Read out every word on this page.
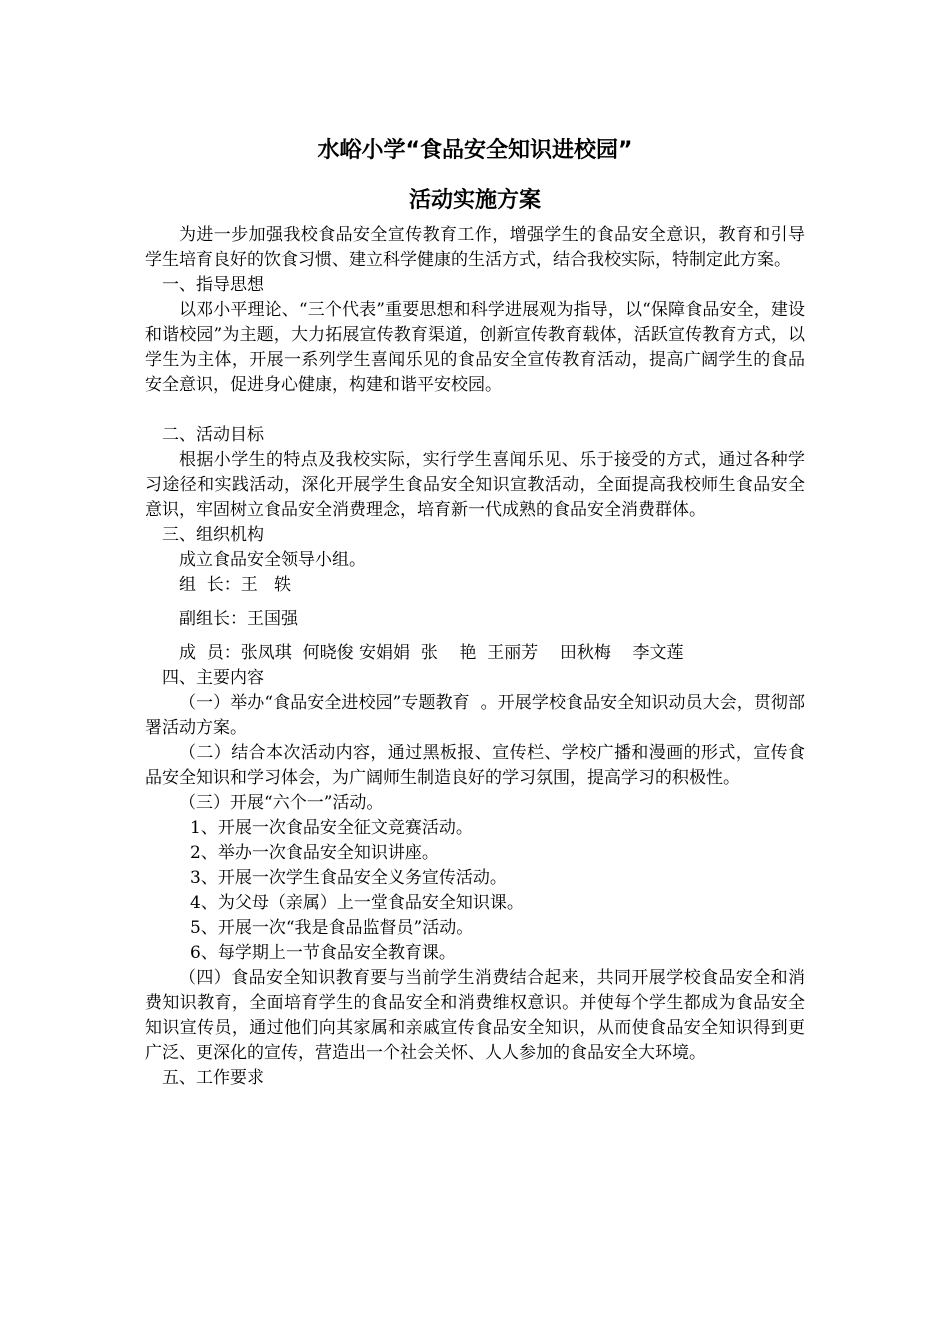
水峪小学“食品安全知识进校园”
活动实施方案

为进一步加强我校食品安全宣传教育工作，增强学生的食品安全意识，教育和引导学生培育良好的饮食习惯、建立科学健康的生活方式，结合我校实际，特制定此方案。

一、指导思想

以邓小平理论、“三个代表”重要思想和科学进展观为指导，以“保障食品安全，建设和谐校园”为主题，大力拓展宣传教育渠道，创新宣传教育载体，活跃宣传教育方式，以学生为主体，开展一系列学生喜闻乐见的食品安全宣传教育活动，提高广阔学生的食品安全意识，促进身心健康，构建和谐平安校园。

二、活动目标

根据小学生的特点及我校实际，实行学生喜闻乐见、乐于接受的方式，通过各种学习途径和实践活动，深化开展学生食品安全知识宣教活动，全面提高我校师生食品安全意识，牢固树立食品安全消费理念，培育新一代成熟的食品安全消费群体。

三、组织机构

成立食品安全领导小组。

组  长：王   轶

副组长：王国强

成  员：张凤琪  何晓俊 安娟娟  张    艳  王丽芳    田秋梅    李文莲

四、主要内容

（一）举办“食品安全进校园”专题教育  。开展学校食品安全知识动员大会，贯彻部署活动方案。

（二）结合本次活动内容，通过黑板报、宣传栏、学校广播和漫画的形式，宣传食品安全知识和学习体会，为广阔师生制造良好的学习氛围，提高学习的积极性。

（三）开展“六个一”活动。

1、开展一次食品安全征文竞赛活动。

2、举办一次食品安全知识讲座。

3、开展一次学生食品安全义务宣传活动。

4、为父母（亲属）上一堂食品安全知识课。

5、开展一次“我是食品监督员”活动。

6、每学期上一节食品安全教育课。

（四）食品安全知识教育要与当前学生消费结合起来，共同开展学校食品安全和消费知识教育，全面培育学生的食品安全和消费维权意识。并使每个学生都成为食品安全知识宣传员，通过他们向其家属和亲戚宣传食品安全知识，从而使食品安全知识得到更广泛、更深化的宣传，营造出一个社会关怀、人人参加的食品安全大环境。

五、工作要求
